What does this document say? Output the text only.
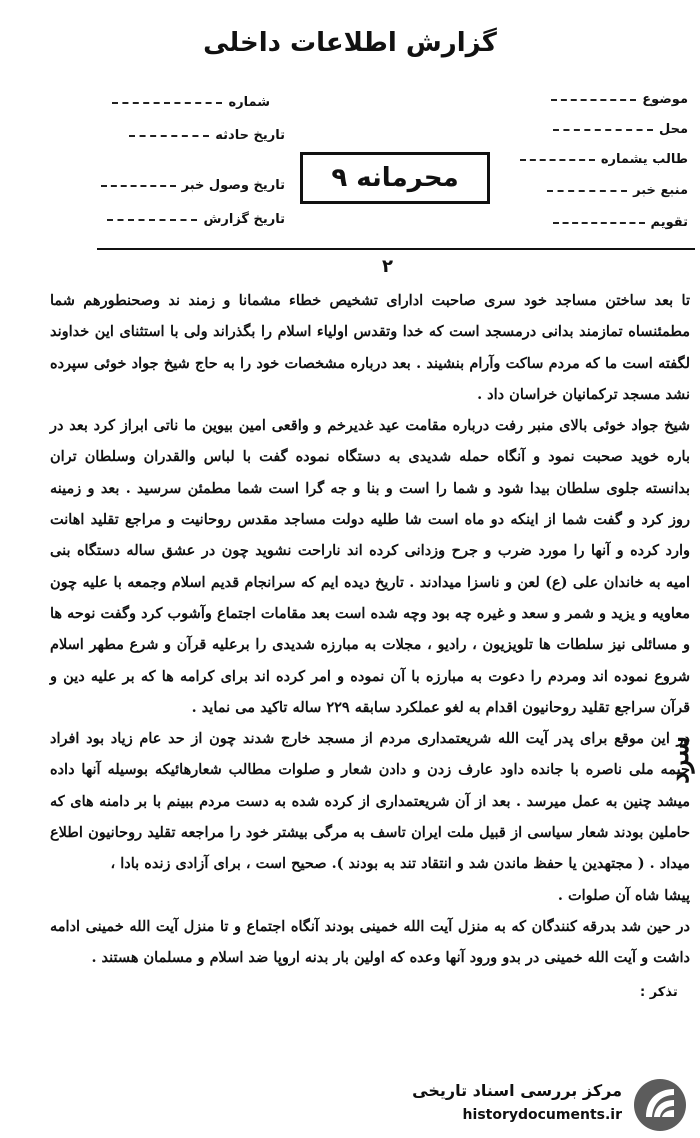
گزارش اطلاعات داخلی
موضوع
محل
طالب یشماره
منبع خبر
تقویم
شماره
تاریخ حادثه
تاریخ وصول خبر
تاریخ گزارش
محرمانه ٩
٢

تا بعد ساختن مساجد خود سری صاحبت ادارای تشخیص خطاء مشمانا و زمند ند وصحنطورهم شما مطمئنساه تمازمند بدانی درمسجد است که خدا وتقدس اولیاء اسلام را بگذراند ولی با استثنای این خداوند لگفته است ما که مردم ساکت وآرام بنشیند . بعد درباره مشخصات خود را به حاج شیخ جواد خوئی سپرده نشد مسجد ترکمانیان خراسان داد .

شیخ جواد خوئی بالای منبر رفت درباره مقامت عید غدیرخم و واقعی امین بیوین ما ناتی ابراز کرد بعد در باره خوید صحبت نمود و آنگاه حمله شدیدی به دستگاه نموده گفت با لباس والقدران وسلطان تران بدانسته جلوی سلطان بیدا شود و شما را است و بنا و جه گرا است شما مطمئن سرسید . بعد و زمینه روز کرد و گفت شما از اینکه دو ماه است شا طلیه دولت مساجد مقدس روحانیت و مراجع تقلید اهانت وارد کرده و آنها را مورد ضرب و جرح وزدانی کرده اند ناراحت نشوید چون در عشق ساله دستگاه بنی امیه به خاندان علی (ع) لعن و ناسزا میدادند . تاریخ دیده ایم که سرانجام قدیم اسلام وجمعه با علیه چون معاویه و یزید و شمر و سعد و غیره چه بود وچه شده است بعد مقامات اجتماع وآشوب کرد وگفت نوحه ها و مسائلی نیز سلطات ها تلویزیون ، رادیو ، مجلات به مبارزه شدیدی را برعلیه قرآن و شرع مطهر اسلام شروع نموده اند ومردم را دعوت به مبارزه با آن نموده و امر کرده اند برای کرامه ها که بر علیه دین و قرآن سراجع تقلید روحانیون اقدام به لغو عملکرد سابقه ۲۲۹ ساله تاکید می نماید .

در این موقع برای پدر آیت الله شریعتمداری مردم از مسجد خارج شدند چون از حد عام زیاد بود افراد جیمه ملی ناصره با جانده داود عارف زدن و دادن شعار و صلوات مطالب شعارهائیکه بوسیله آنها داده میشد چنین به عمل میرسد . بعد از آن شریعتمداری از کرده شده به دست مردم ببینم با بر دامنه های که حاملین بودند شعار سیاسی از قبیل ملت ایران تاسف به مرگی بیشتر خود را مراجعه تقلید روحانیون اطلاع میداد . ( مجتهدین یا حفظ ماندن شد و انتقاد تند به بودند ). صحیح است ، برای آزادی زنده بادا ،

پیشا شاه آن صلوات .

در حین شد بدرقه کنندگان که به منزل آیت الله خمینی بودند آنگاه اجتماع و تا منزل آیت الله خمینی ادامه داشت و آیت الله خمینی در بدو ورود آنها وعده که اولین بار بدنه اروپا ضد اسلام و مسلمان هستند .

سرد
تذکر :
مرکز بررسی اسناد تاریخی
historydocuments.ir
